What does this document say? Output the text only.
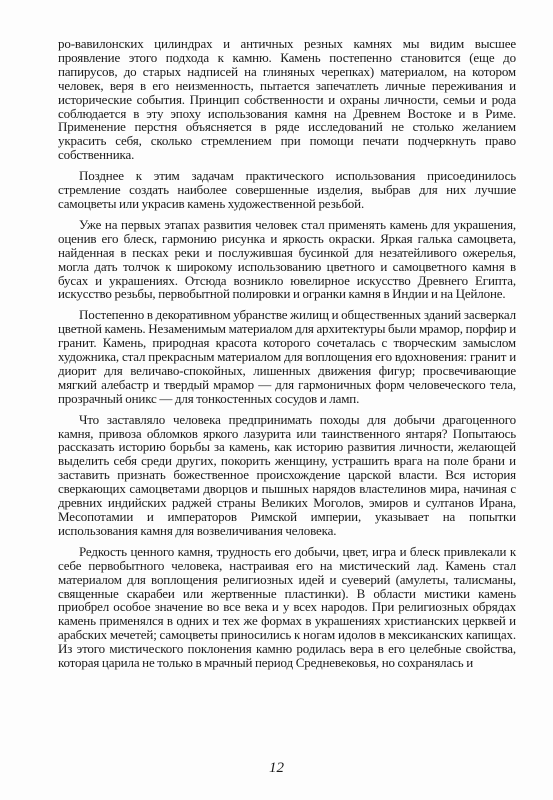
ро-вавилонских цилиндрах и античных резных камнях мы видим высшее проявление этого подхода к камню. Камень постепенно становится (еще до папирусов, до старых надписей на глиняных черепках) материалом, на котором человек, веря в его неизменность, пытается запечатлеть личные переживания и исторические события. Принцип собственности и охраны личности, семьи и рода соблюдается в эту эпоху использования камня на Древнем Востоке и в Риме. Применение перстня объясняется в ряде исследований не столько желанием украсить себя, сколько стремлением при помощи печати подчеркнуть право собственника.

Позднее к этим задачам практического использования присоединилось стремление создать наиболее совершенные изделия, выбрав для них лучшие самоцветы или украсив камень художественной резьбой.

Уже на первых этапах развития человек стал применять камень для украшения, оценив его блеск, гармонию рисунка и яркость окраски. Яркая галька самоцвета, найденная в песках реки и послужившая бусинкой для незатейливого ожерелья, могла дать толчок к широкому использованию цветного и самоцветного камня в бусах и украшениях. Отсюда возникло ювелирное искусство Древнего Египта, искусство резьбы, первобытной полировки и огранки камня в Индии и на Цейлоне.

Постепенно в декоративном убранстве жилищ и общественных зданий засверкал цветной камень. Незаменимым материалом для архитектуры были мрамор, порфир и гранит. Камень, природная красота которого сочеталась с творческим замыслом художника, стал прекрасным материалом для воплощения его вдохновения: гранит и диорит для величаво-спокойных, лишенных движения фигур; просвечивающие мягкий алебастр и твердый мрамор — для гармоничных форм человеческого тела, прозрачный оникс — для тонкостенных сосудов и ламп.

Что заставляло человека предпринимать походы для добычи драгоценного камня, привоза обломков яркого лазурита или таинственного янтаря? Попытаюсь рассказать историю борьбы за камень, как историю развития личности, желающей выделить себя среди других, покорить женщину, устрашить врага на поле брани и заставить признать божественное происхождение царской власти. Вся история сверкающих самоцветами дворцов и пышных нарядов властелинов мира, начиная с древних индийских раджей страны Великих Моголов, эмиров и султанов Ирана, Месопотамии и императоров Римской империи, указывает на попытки использования камня для возвеличивания человека.

Редкость ценного камня, трудность его добычи, цвет, игра и блеск привлекали к себе первобытного человека, настраивая его на мистический лад. Камень стал материалом для воплощения религиозных идей и суеверий (амулеты, талисманы, священные скарабеи или жертвенные пластинки). В области мистики камень приобрел особое значение во все века и у всех народов. При религиозных обрядах камень применялся в одних и тех же формах в украшениях христианских церквей и арабских мечетей; самоцветы приносились к ногам идолов в мексиканских капищах. Из этого мистического поклонения камню родилась вера в его целебные свойства, которая царила не только в мрачный период Средневековья, но сохранялась и

12
